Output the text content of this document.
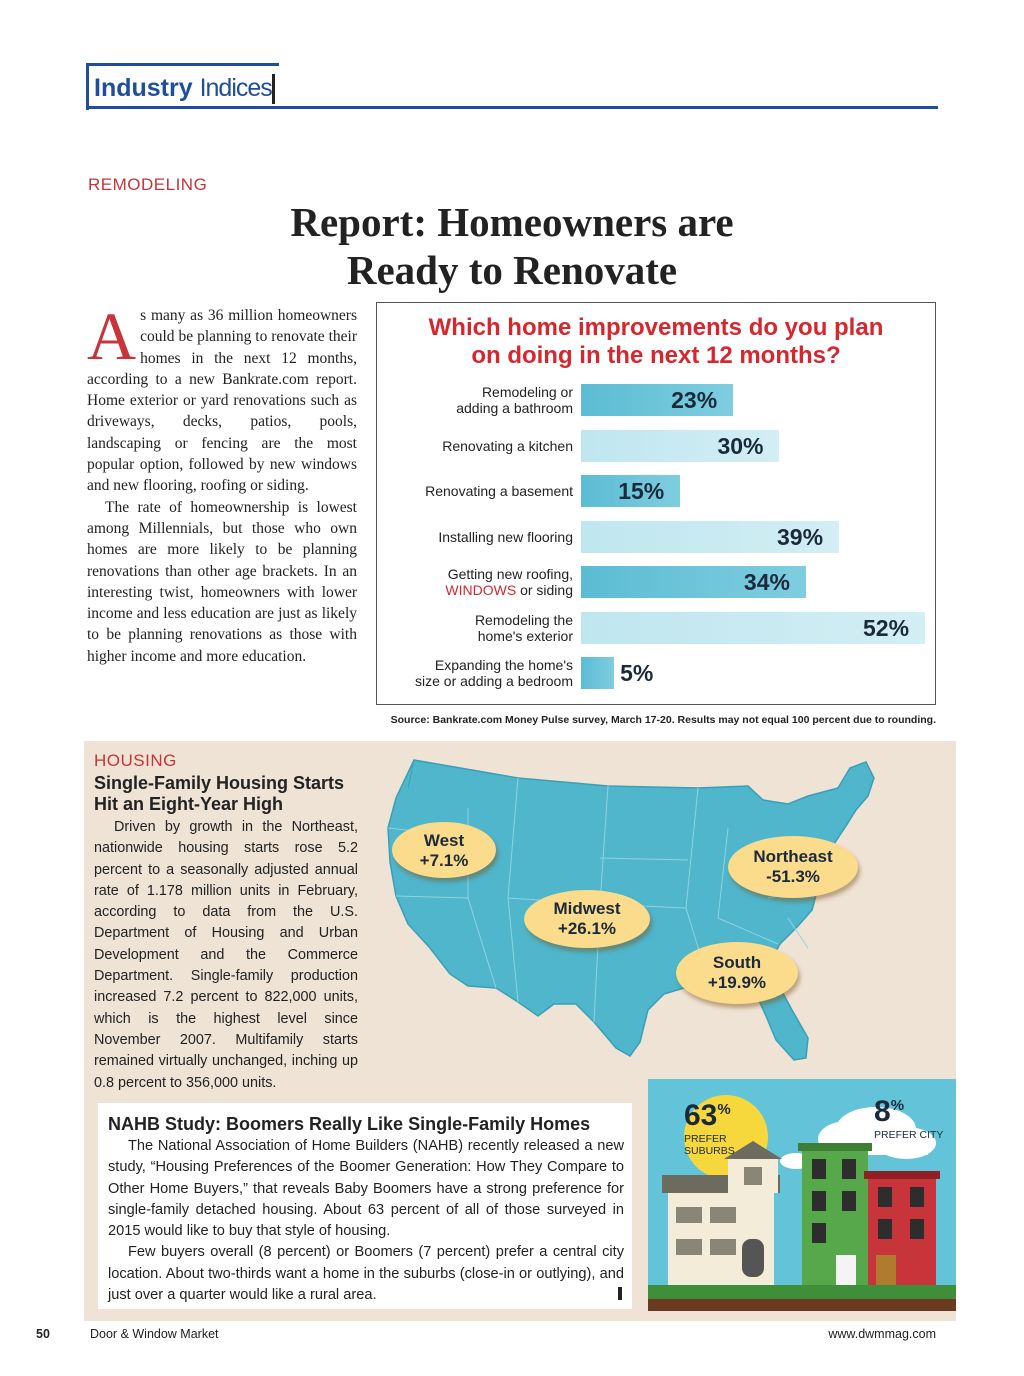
Industry Indices
REMODELING
Report: Homeowners are
Ready to Renovate

As many as 36 million homeowners could be planning to renovate their homes in the next 12 months, according to a new Bankrate.com report. Home exterior or yard renovations such as driveways, decks, patios, pools, landscaping or fencing are the most popular option, followed by new windows and new flooring, roofing or siding.

The rate of homeownership is lowest among Millennials, but those who own homes are more likely to be planning renovations than other age brackets. In an interesting twist, homeowners with lower income and less education are just as likely to be planning renovations as those with higher income and more education.

Which home improvements do you plan on doing in the next 12 months?
Remodeling or
adding a bathroom	23%
Renovating a kitchen	30%
Renovating a basement 15%
Installing new flooring	39%
Getting new roofing,
WINDOWS or siding	34%
Remodeling the
home's exterior	52%
Expanding the home's
size or adding a bedroom 5%
Source: Bankrate.com Money Pulse survey, March 17-20. Results may not equal 100 percent due to rounding.
HOUSING
Single-Family Housing Starts Hit an Eight-Year High

Driven by growth in the Northeast, nationwide housing starts rose 5.2 percent to a seasonally adjusted annual rate of 1.178 million units in February, according to data from the U.S. Department of Housing and Urban Development and the Commerce Department. Single-family production increased 7.2 percent to 822,000 units, which is the highest level since November 2007. Multifamily starts remained virtually unchanged, inching up 0.8 percent to 356,000 units.

West
+7.1%
Midwest
+26.1%
Northeast
-51.3%
South
+19.9%
NAHB Study: Boomers Really Like Single-Family Homes

The National Association of Home Builders (NAHB) recently released a new study, “Housing Preferences of the Boomer Generation: How They Compare to Other Home Buyers,” that reveals Baby Boomers have a strong preference for single-family detached housing. About 63 percent of all of those surveyed in 2015 would like to buy that style of housing.

Few buyers overall (8 percent) or Boomers (7 percent) prefer a central city location. About two-thirds want a home in the suburbs (close-in or outlying), and just over a quarter would like a rural area.

63%
PREFER
SUBURBS
8%
PREFER CITY
50	Door & Window Market	www.dwmmag.com
